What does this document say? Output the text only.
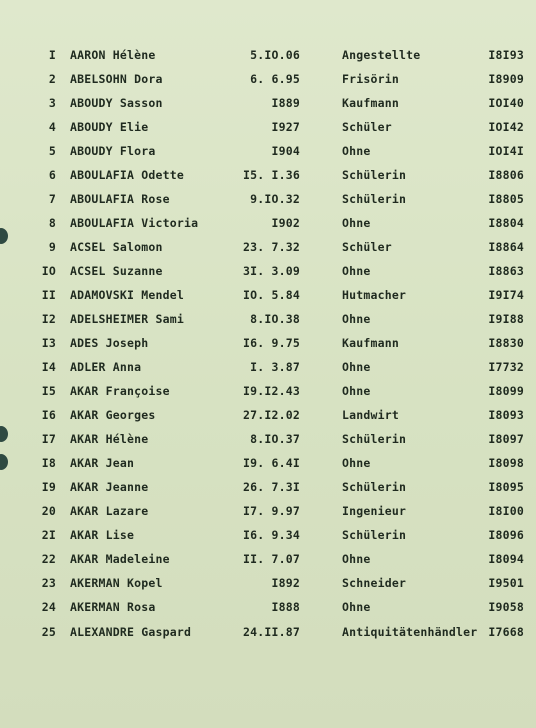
I AARON Hélène	5.IO.06	Angestellte	I8I93
2 ABELSOHN Dora	6. 6.95	Frisörin	I8909
3 ABOUDY Sasson	I889	Kaufmann	IOI40
4 ABOUDY Elie	I927	Schüler	IOI42
5 ABOUDY Flora	I904	Ohne	IOI4I
6 ABOULAFIA Odette	I5. I.36	Schülerin	I8806
7 ABOULAFIA Rose	9.IO.32	Schülerin	I8805
8 ABOULAFIA Victoria	I902	Ohne	I8804
9 ACSEL Salomon	23. 7.32	Schüler	I8864
IO ACSEL Suzanne	3I. 3.09	Ohne	I8863
II ADAMOVSKI Mendel	IO. 5.84	Hutmacher	I9I74
I2 ADELSHEIMER Sami	8.IO.38	Ohne	I9I88
I3 ADES Joseph	I6. 9.75	Kaufmann	I8830
I4 ADLER Anna	I. 3.87	Ohne	I7732
I5 AKAR Françoise	I9.I2.43	Ohne	I8099
I6 AKAR Georges	27.I2.02	Landwirt	I8093
I7 AKAR Hélène	8.IO.37	Schülerin	I8097
I8 AKAR Jean	I9. 6.4I	Ohne	I8098
I9 AKAR Jeanne	26. 7.3I	Schülerin	I8095
20 AKAR Lazare	I7. 9.97	Ingenieur	I8I00
2I AKAR Lise	I6. 9.34	Schülerin	I8096
22 AKAR Madeleine	II. 7.07	Ohne	I8094
23 AKERMAN Kopel	I892	Schneider	I9501
24 AKERMAN Rosa	I888	Ohne	I9058
25 ALEXANDRE Gaspard	24.II.87	Antiquitätenhändler I7668
